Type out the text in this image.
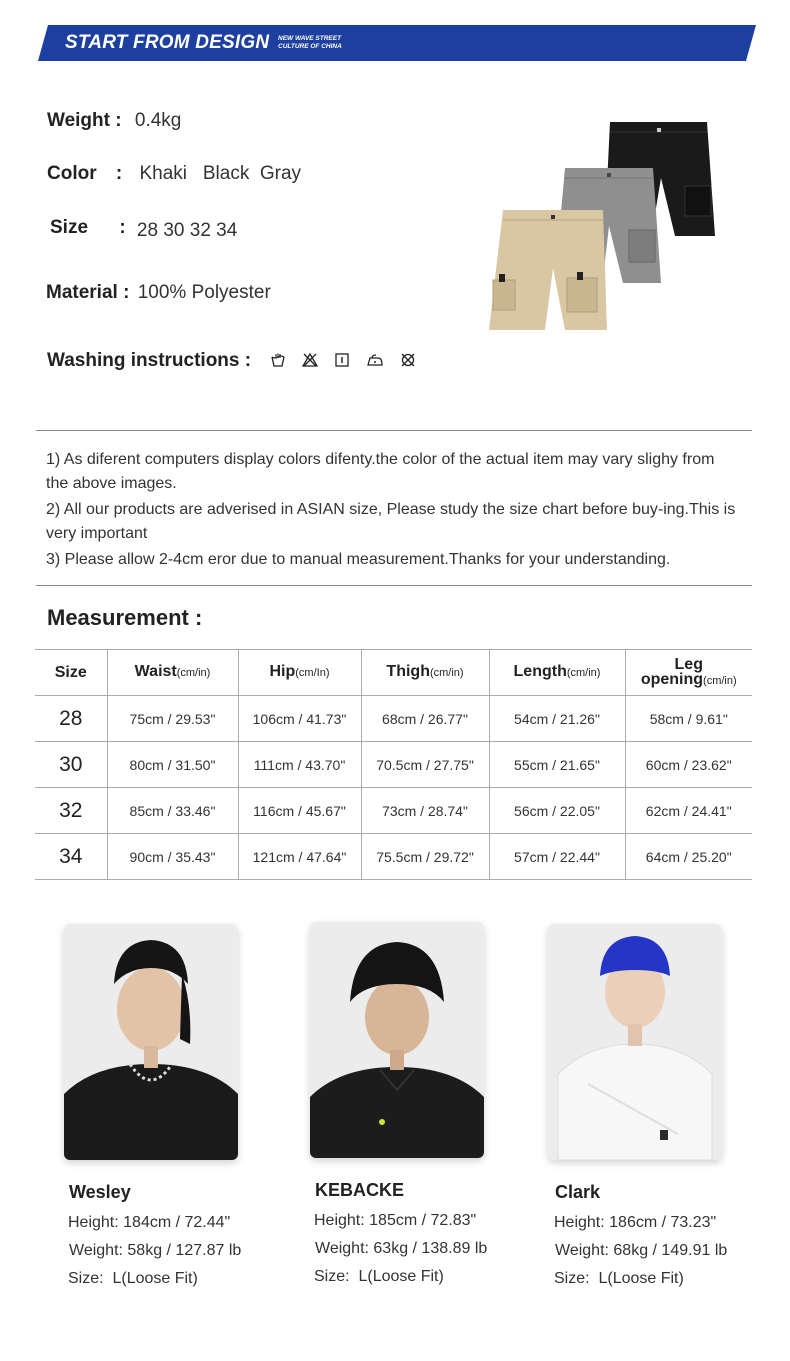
START FROM DESIGN NEW WAVE STREET
CULTURE OF CHINA
Weight : 0.4kg
Color : Khaki   Black  Gray
Size : 28 30 32 34
Material : 100% Polyester
Washing instructions :

1) As diferent computers display colors difenty.the color of the actual item may vary slighy from the above images.

2) All our products are adverised in ASIAN size, Please study the size chart before buy-ing.This is very important

3) Please allow 2-4cm eror due to manual measurement.Thanks for your understanding.

Measurement :
Size	Waist(cm/in)	Hip(cm/In)	Thigh(cm/in)	Length(cm/in)	Leg opening(cm/in)
28	75cm / 29.53"	106cm / 41.73"	68cm / 26.77"	54cm / 21.26"	58cm / 9.61"
30	80cm / 31.50"	111cm / 43.70"	70.5cm / 27.75"	55cm / 21.65"	60cm / 23.62"
32	85cm / 33.46"	116cm / 45.67"	73cm / 28.74"	56cm / 22.05"	62cm / 24.41"
34	90cm / 35.43"	121cm / 47.64"	75.5cm / 29.72"	57cm / 22.44"	64cm / 25.20"
Wesley
Height: 184cm / 72.44"
Weight: 58kg / 127.87 lb
Size:  L(Loose Fit)
KEBACKE
Height: 185cm / 72.83"
Weight: 63kg / 138.89 lb
Size:  L(Loose Fit)
Clark
Height: 186cm / 73.23"
Weight: 68kg / 149.91 lb
Size:  L(Loose Fit)
